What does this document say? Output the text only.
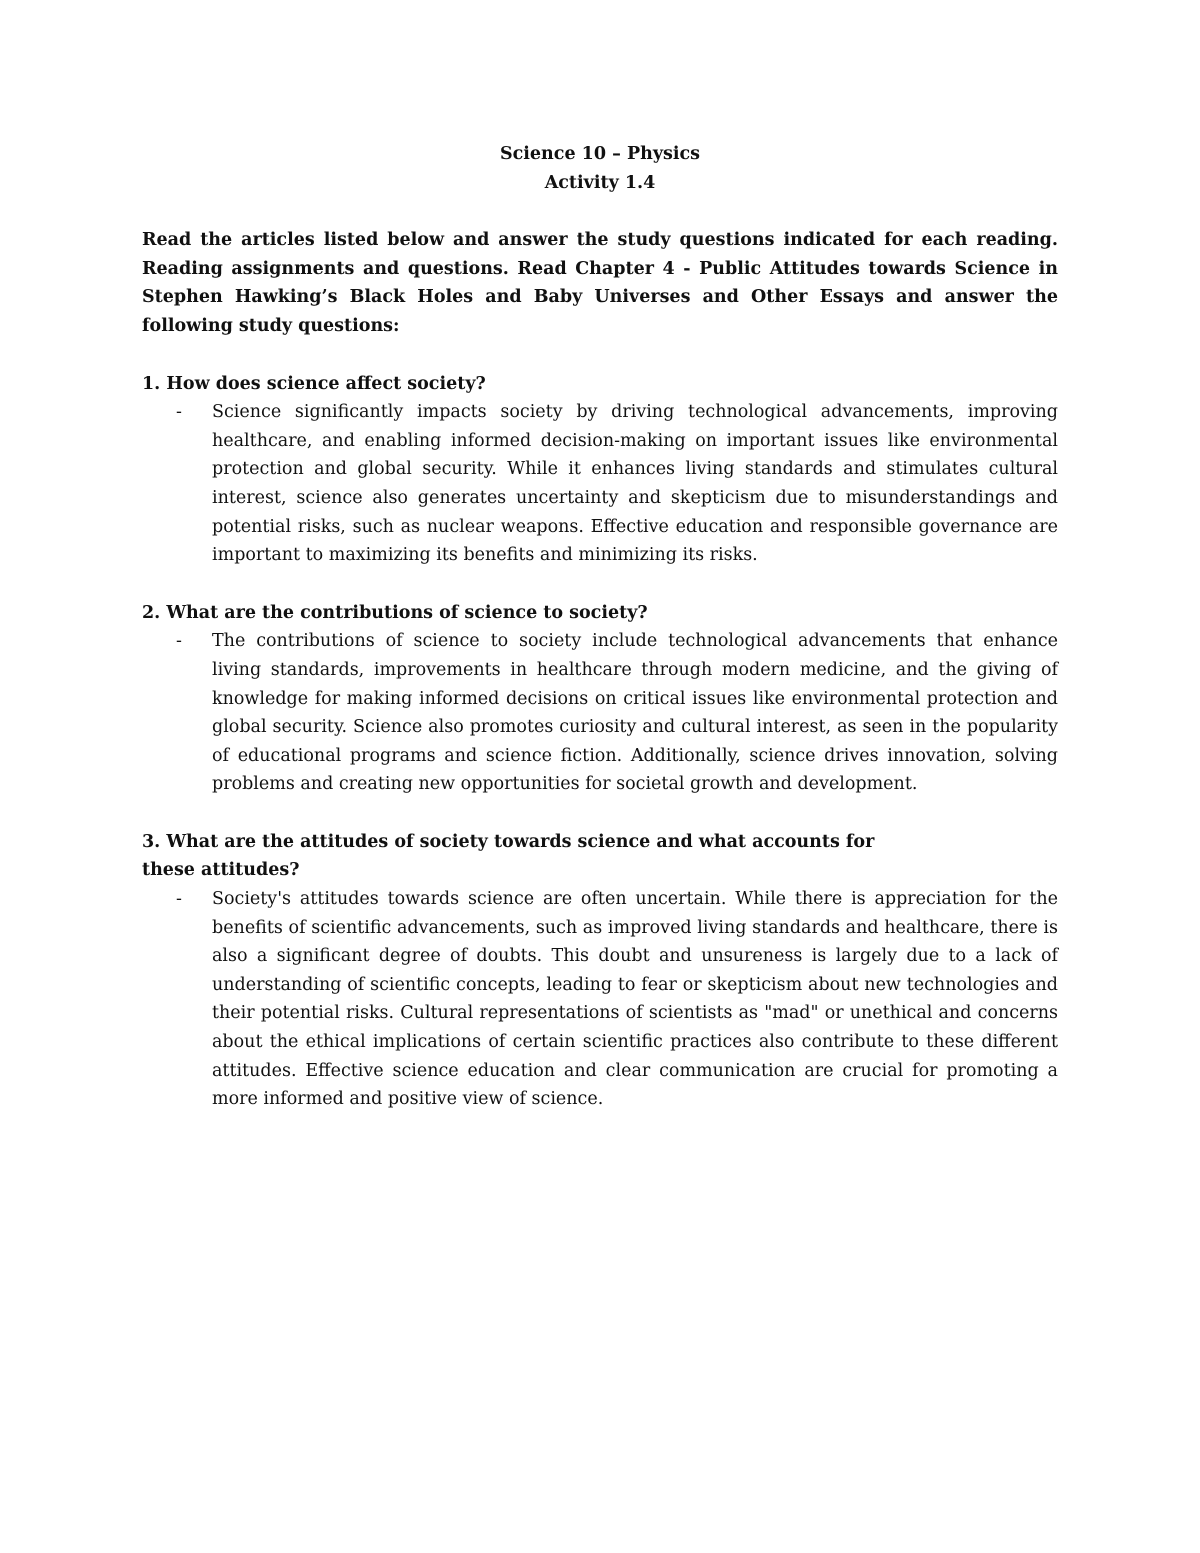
Science 10 – Physics

Activity 1.4

Read the articles listed below and answer the study questions indicated for each reading. Reading assignments and questions. Read Chapter 4 - Public Attitudes towards Science in Stephen Hawking’s Black Holes and Baby Universes and Other Essays and answer the following study questions:

1. How does science affect society?

- Science significantly impacts society by driving technological advancements, improving healthcare, and enabling informed decision-making on important issues like environmental protection and global security. While it enhances living standards and stimulates cultural interest, science also generates uncertainty and skepticism due to misunderstandings and potential risks, such as nuclear weapons. Effective education and responsible governance are important to maximizing its benefits and minimizing its risks.

2. What are the contributions of science to society?

- The contributions of science to society include technological advancements that enhance living standards, improvements in healthcare through modern medicine, and the giving of knowledge for making informed decisions on critical issues like environmental protection and global security. Science also promotes curiosity and cultural interest, as seen in the popularity of educational programs and science fiction. Additionally, science drives innovation, solving problems and creating new opportunities for societal growth and development.

3. What are the attitudes of society towards science and what accounts for

these attitudes?

- Society's attitudes towards science are often uncertain. While there is appreciation for the benefits of scientific advancements, such as improved living standards and healthcare, there is also a significant degree of doubts. This doubt and unsureness is largely due to a lack of understanding of scientific concepts, leading to fear or skepticism about new technologies and their potential risks. Cultural representations of scientists as "mad" or unethical and concerns about the ethical implications of certain scientific practices also contribute to these different attitudes. Effective science education and clear communication are crucial for promoting a more informed and positive view of science.
